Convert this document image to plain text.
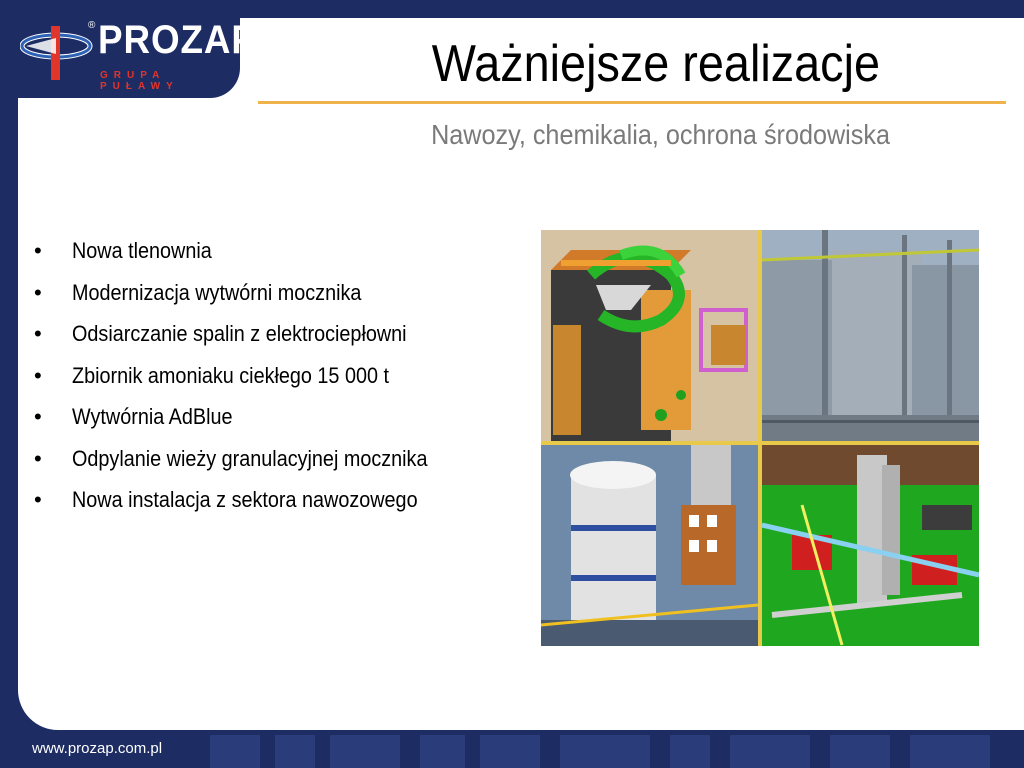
® PROZAP
GRUPA PUŁAWY	Ważniejsze realizacje
Nawozy, chemikalia, ochrona środowiska
• Nowa tlenownia
• Modernizacja wytwórni mocznika
• Odsiarczanie spalin z elektrociepłowni
• Zbiornik amoniaku ciekłego 15 000 t
• Wytwórnia AdBlue
• Odpylanie wieży granulacyjnej mocznika
• Nowa instalacja z sektora nawozowego
www.prozap.com.pl
